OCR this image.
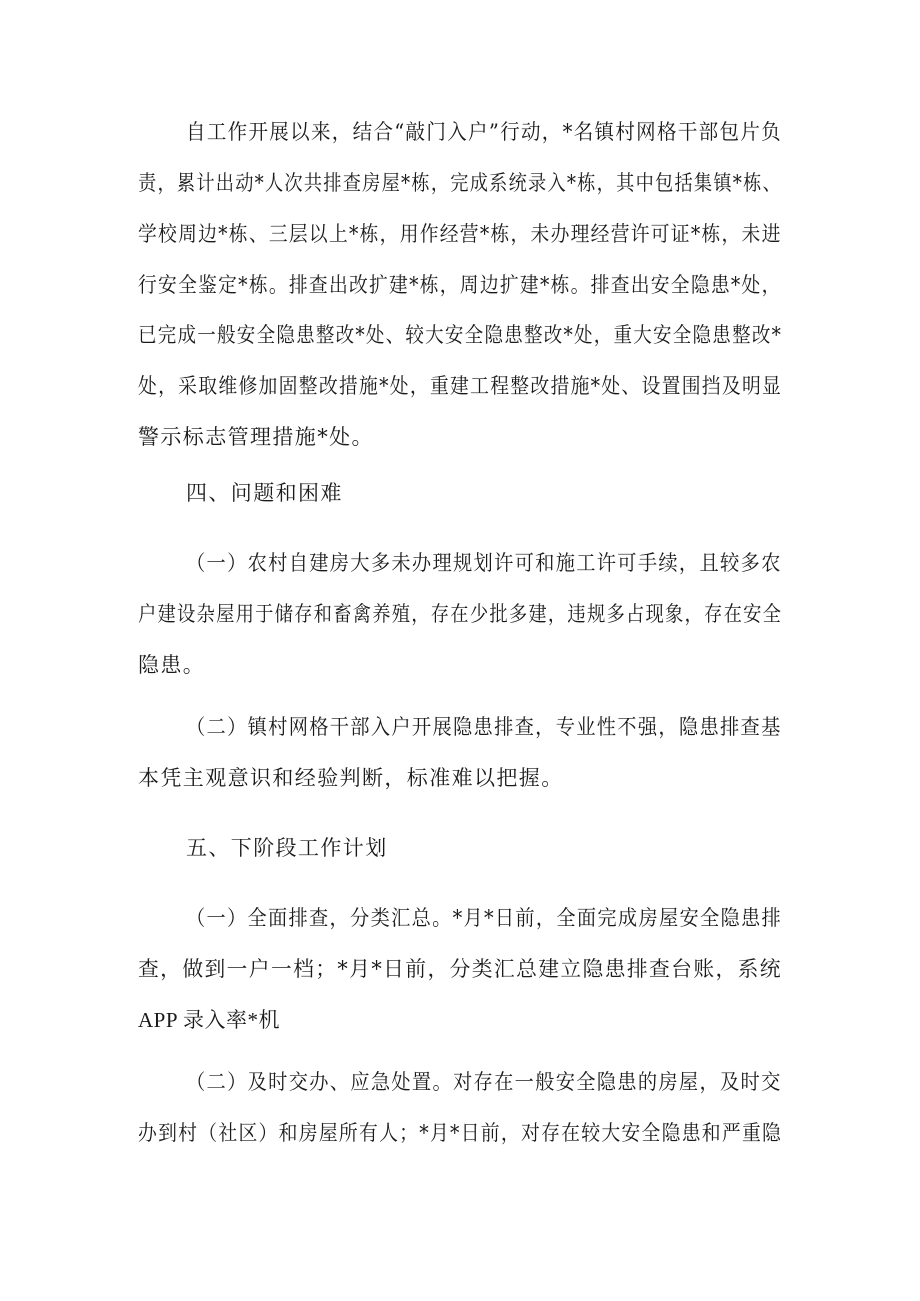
自工作开展以来，结合“敲门入户”行动，*名镇村网格干部包片负
责，累计出动*人次共排查房屋*栋，完成系统录入*栋，其中包括集镇*栋、
学校周边*栋、三层以上*栋，用作经营*栋，未办理经营许可证*栋，未进
行安全鉴定*栋。排查出改扩建*栋，周边扩建*栋。排查出安全隐患*处，
已完成一般安全隐患整改*处、较大安全隐患整改*处，重大安全隐患整改*
处，采取维修加固整改措施*处，重建工程整改措施*处、设置围挡及明显
警示标志管理措施*处。
四、问题和困难
（一）农村自建房大多未办理规划许可和施工许可手续，且较多农
户建设杂屋用于储存和畜禽养殖，存在少批多建，违规多占现象，存在安全
隐患。
（二）镇村网格干部入户开展隐患排查，专业性不强，隐患排查基
本凭主观意识和经验判断，标准难以把握。
五、下阶段工作计划
（一）全面排查，分类汇总。*月*日前，全面完成房屋安全隐患排
查，做到一户一档；*月*日前，分类汇总建立隐患排查台账，系统
APP 录入率*机
（二）及时交办、应急处置。对存在一般安全隐患的房屋，及时交
办到村（社区）和房屋所有人；*月*日前，对存在较大安全隐患和严重隐
